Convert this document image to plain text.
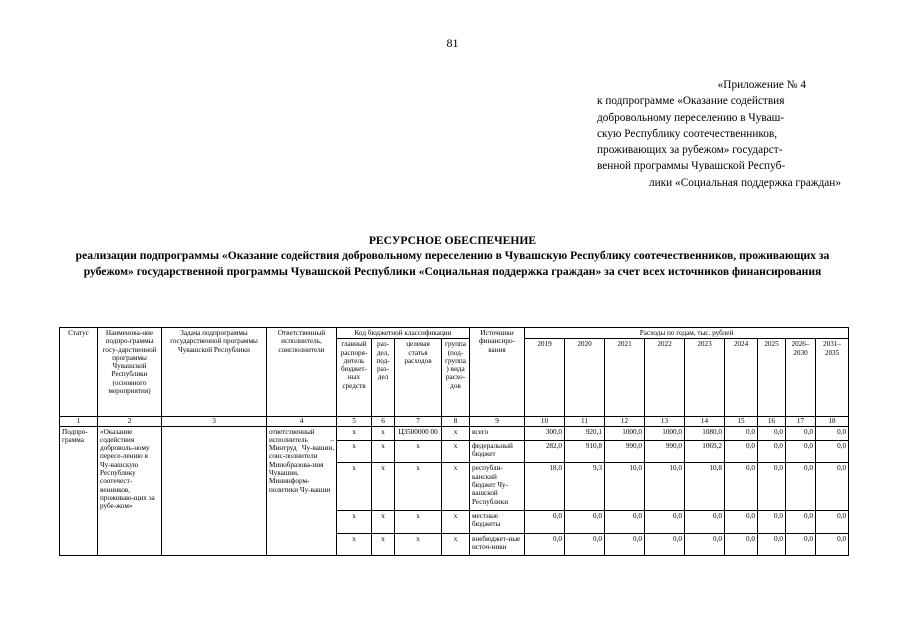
81
«Приложение № 4
к подпрограмме «Оказание содействия
добровольному переселению в Чуваш-
скую Республику соотечественников,
проживающих за рубежом» государст-
венной программы Чувашской Респуб-
лики «Социальная поддержка граждан»
РЕСУРСНОЕ ОБЕСПЕЧЕНИЕ
реализации подпрограммы «Оказание содействия добровольному переселению в Чувашскую Республику соотечественников, проживающих за рубежом» государственной программы Чувашской Республики «Социальная поддержка граждан» за счет всех источников финансирования
Статус	Наименова-ние подпро-граммы госу-дарственной программы Чувашской Республики (основного мероприятия)	Задача подпрограммы государственной программы Чувашской Республики	Ответственный исполнитель, соисполнители	Код бюджетной классификации				Источники финансиро-вания	Расходы по годам, тыс. рублей								
				главный распоря-дитель бюджет-ных средств	раз-дел, под-раз-дел	целевая статья расходов	группа (под-группа) вида расхо-дов		2019	2020	2021	2022	2023	2024	2025	2026–2030	2031–2035
1	2	3	4	5	6	7	8	9	10	11	12	13	14	15	16	17	18
Подпро-грамма	«Оказание содействия доброволь-ному пересе-лению в Чу-вашскую Республику соотечест-венников, проживаю-щих за рубе-жом»		ответственный исполнитель – Минтруд Чу-вашии, соис-полнители Минобразова-ния Чувашии, Мининформ-политики Чу-вашии	x	x	Ц3500000 00	x	всего	300,0	920,1	1000,0	1000,0	1080,0	0,0	0,0	0,0	0,0
				x	x	x	x	федеральный бюджет	282,0	910,8	990,0	990,0	1069,2	0,0	0,0	0,0	0,0
				x	x	x	x	республи-канский бюджет Чу-вашской Республики	18,0	9,3	10,0	10,0	10,8	0,0	0,0	0,0	0,0
				x	x	x	x	местные бюджеты	0,0	0,0	0,0	0,0	0,0	0,0	0,0	0,0	0,0
				x	x	x	x	внебюджет-ные источ-ники	0,0	0,0	0,0	0,0	0,0	0,0	0,0	0,0	0,0
